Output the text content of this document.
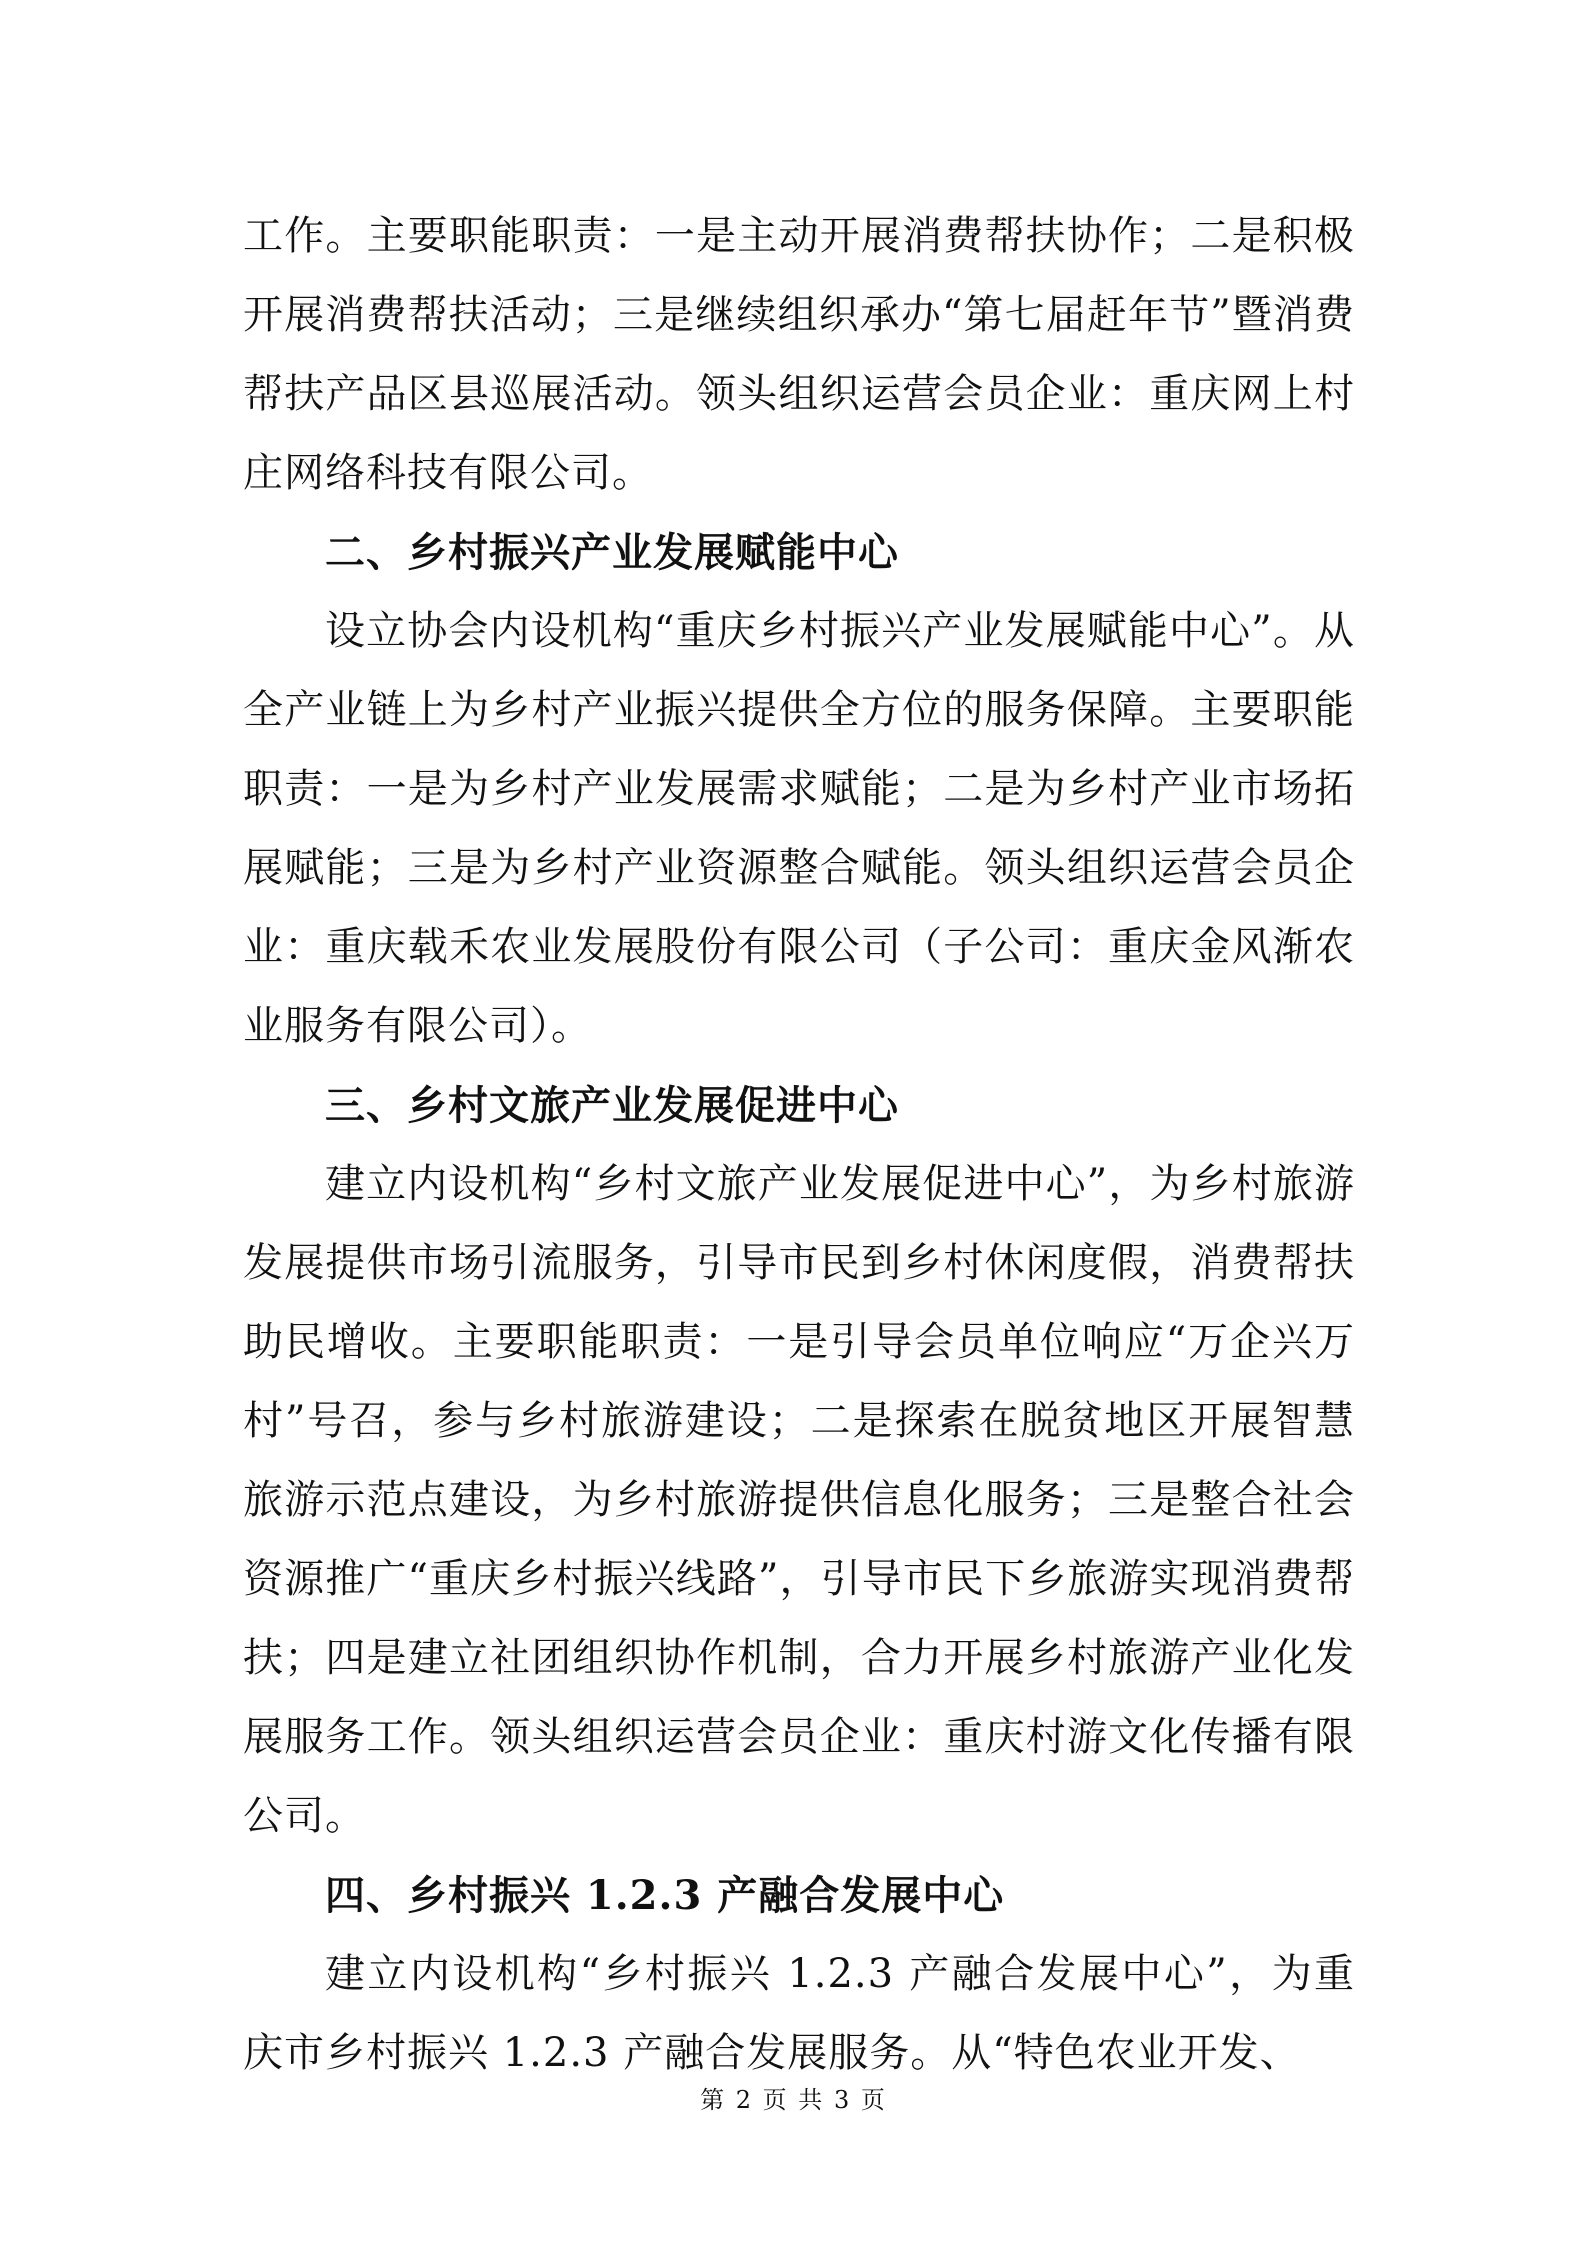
工作。主要职能职责：一是主动开展消费帮扶协作；二是积极开展消费帮扶活动；三是继续组织承办“第七届赶年节”暨消费帮扶产品区县巡展活动。领头组织运营会员企业：重庆网上村庄网络科技有限公司。

二、乡村振兴产业发展赋能中心

设立协会内设机构“重庆乡村振兴产业发展赋能中心”。从全产业链上为乡村产业振兴提供全方位的服务保障。主要职能职责：一是为乡村产业发展需求赋能；二是为乡村产业市场拓展赋能；三是为乡村产业资源整合赋能。领头组织运营会员企业：重庆载禾农业发展股份有限公司（子公司：重庆金风渐农业服务有限公司）。

三、乡村文旅产业发展促进中心

建立内设机构“乡村文旅产业发展促进中心”，为乡村旅游发展提供市场引流服务，引导市民到乡村休闲度假，消费帮扶助民增收。主要职能职责：一是引导会员单位响应“万企兴万村”号召，参与乡村旅游建设；二是探索在脱贫地区开展智慧旅游示范点建设，为乡村旅游提供信息化服务；三是整合社会资源推广“重庆乡村振兴线路”，引导市民下乡旅游实现消费帮扶；四是建立社团组织协作机制，合力开展乡村旅游产业化发展服务工作。领头组织运营会员企业：重庆村游文化传播有限公司。

四、乡村振兴 1.2.3 产融合发展中心

建立内设机构“乡村振兴 1.2.3 产融合发展中心”，为重庆市乡村振兴 1.2.3 产融合发展服务。从“特色农业开发、

第 2 页 共 3 页
